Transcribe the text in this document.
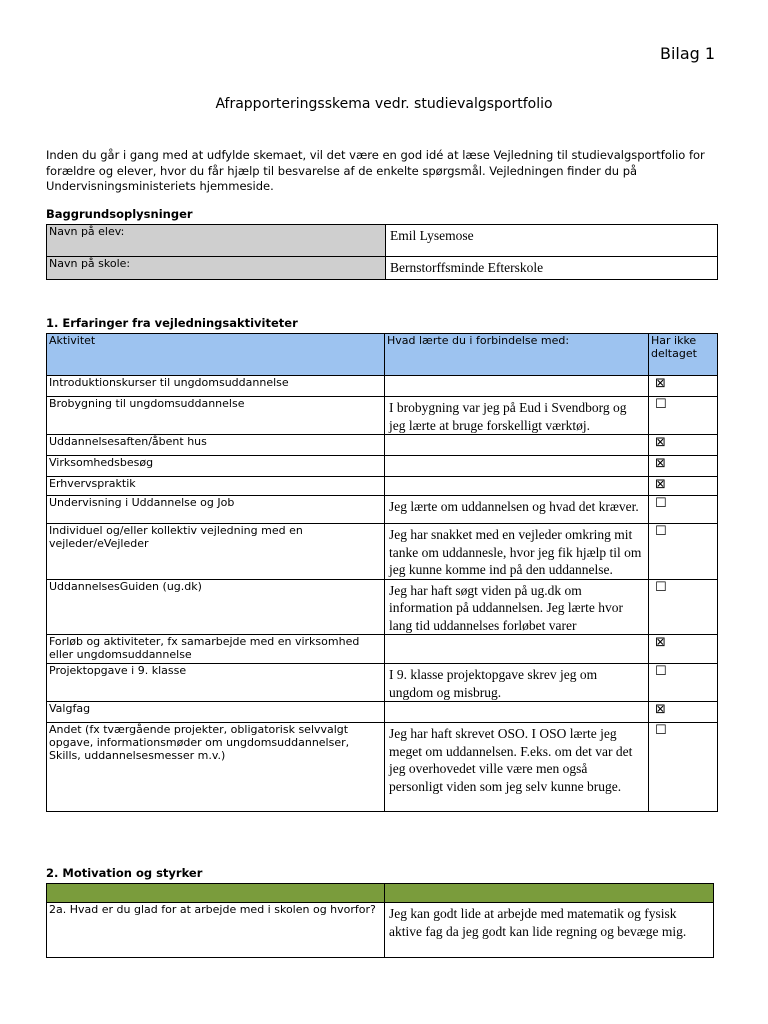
Bilag 1
Afrapporteringsskema vedr. studievalgsportfolio
Inden du går i gang med at udfylde skemaet, vil det være en god idé at læse Vejledning til studievalgsportfolio for forældre og elever, hvor du får hjælp til besvarelse af de enkelte spørgsmål. Vejledningen finder du på Undervisningsministeriets hjemmeside.
Baggrundsoplysninger
Navn på elev:	Emil Lysemose
Navn på skole:	Bernstorffsminde Efterskole
1. Erfaringer fra vejledningsaktiviteter
Aktivitet	Hvad lærte du i forbindelse med:	Har ikke deltaget
Introduktionskurser til ungdomsuddannelse		⊠
Brobygning til ungdomsuddannelse	I brobygning var jeg på Eud i Svendborg og jeg lærte at bruge forskelligt værktøj.	☐
Uddannelsesaften/åbent hus		⊠
Virksomhedsbesøg		⊠
Erhvervspraktik		⊠
Undervisning i Uddannelse og Job	Jeg lærte om uddannelsen og hvad det kræver.	☐
Individuel og/eller kollektiv vejledning med en vejleder/eVejleder	Jeg har snakket med en vejleder omkring mit tanke om uddannesle, hvor jeg fik hjælp til om jeg kunne komme ind på den uddannelse.	☐
UddannelsesGuiden (ug.dk)	Jeg har haft søgt viden på ug.dk om information på uddannelsen. Jeg lærte hvor lang tid uddannelses forløbet varer	☐
Forløb og aktiviteter, fx samarbejde med en virksomhed eller ungdomsuddannelse		⊠
Projektopgave i 9. klasse	I 9. klasse projektopgave skrev jeg om ungdom og misbrug.	☐
Valgfag		⊠
Andet (fx tværgående projekter, obligatorisk selvvalgt opgave, informationsmøder om ungdomsuddannelser, Skills, uddannelsesmesser m.v.)	Jeg har haft skrevet OSO. I OSO lærte jeg meget om uddannelsen. F.eks. om det var det jeg overhovedet ville være men også personligt viden som jeg selv kunne bruge.	☐
2. Motivation og styrker

2a. Hvad er du glad for at arbejde med i skolen og hvorfor?	Jeg kan godt lide at arbejde med matematik og fysisk aktive fag da jeg godt kan lide regning og bevæge mig.
